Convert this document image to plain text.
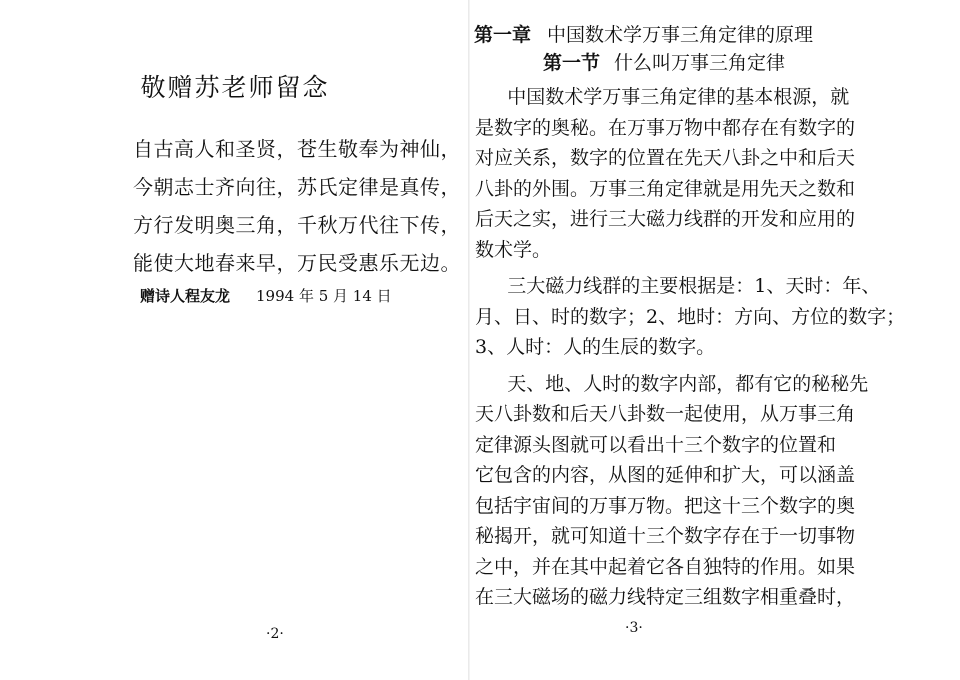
敬赠苏老师留念
自古高人和圣贤，苍生敬奉为神仙，
今朝志士齐向往，苏氏定律是真传，
方行发明奥三角，千秋万代往下传，
能使大地春来早，万民受惠乐无边。
赠诗人程友龙 1994 年 5 月 14 日
·2·
第一章 中国数术学万事三角定律的原理
第一节 什么叫万事三角定律

中国数术学万事三角定律的基本根源，就
是数字的奥秘。在万事万物中都存在有数字的
对应关系，数字的位置在先天八卦之中和后天
八卦的外围。万事三角定律就是用先天之数和
后天之实，进行三大磁力线群的开发和应用的
数术学。

三大磁力线群的主要根据是：1、天时：年、
月、日、时的数字；2、地时：方向、方位的数字；
3、人时：人的生辰的数字。

天、地、人时的数字内部，都有它的秘秘先
天八卦数和后天八卦数一起使用，从万事三角
定律源头图就可以看出十三个数字的位置和
它包含的内容，从图的延伸和扩大，可以涵盖
包括宇宙间的万事万物。把这十三个数字的奥
秘揭开，就可知道十三个数字存在于一切事物
之中，并在其中起着它各自独特的作用。如果
在三大磁场的磁力线特定三组数字相重叠时，

·3·
